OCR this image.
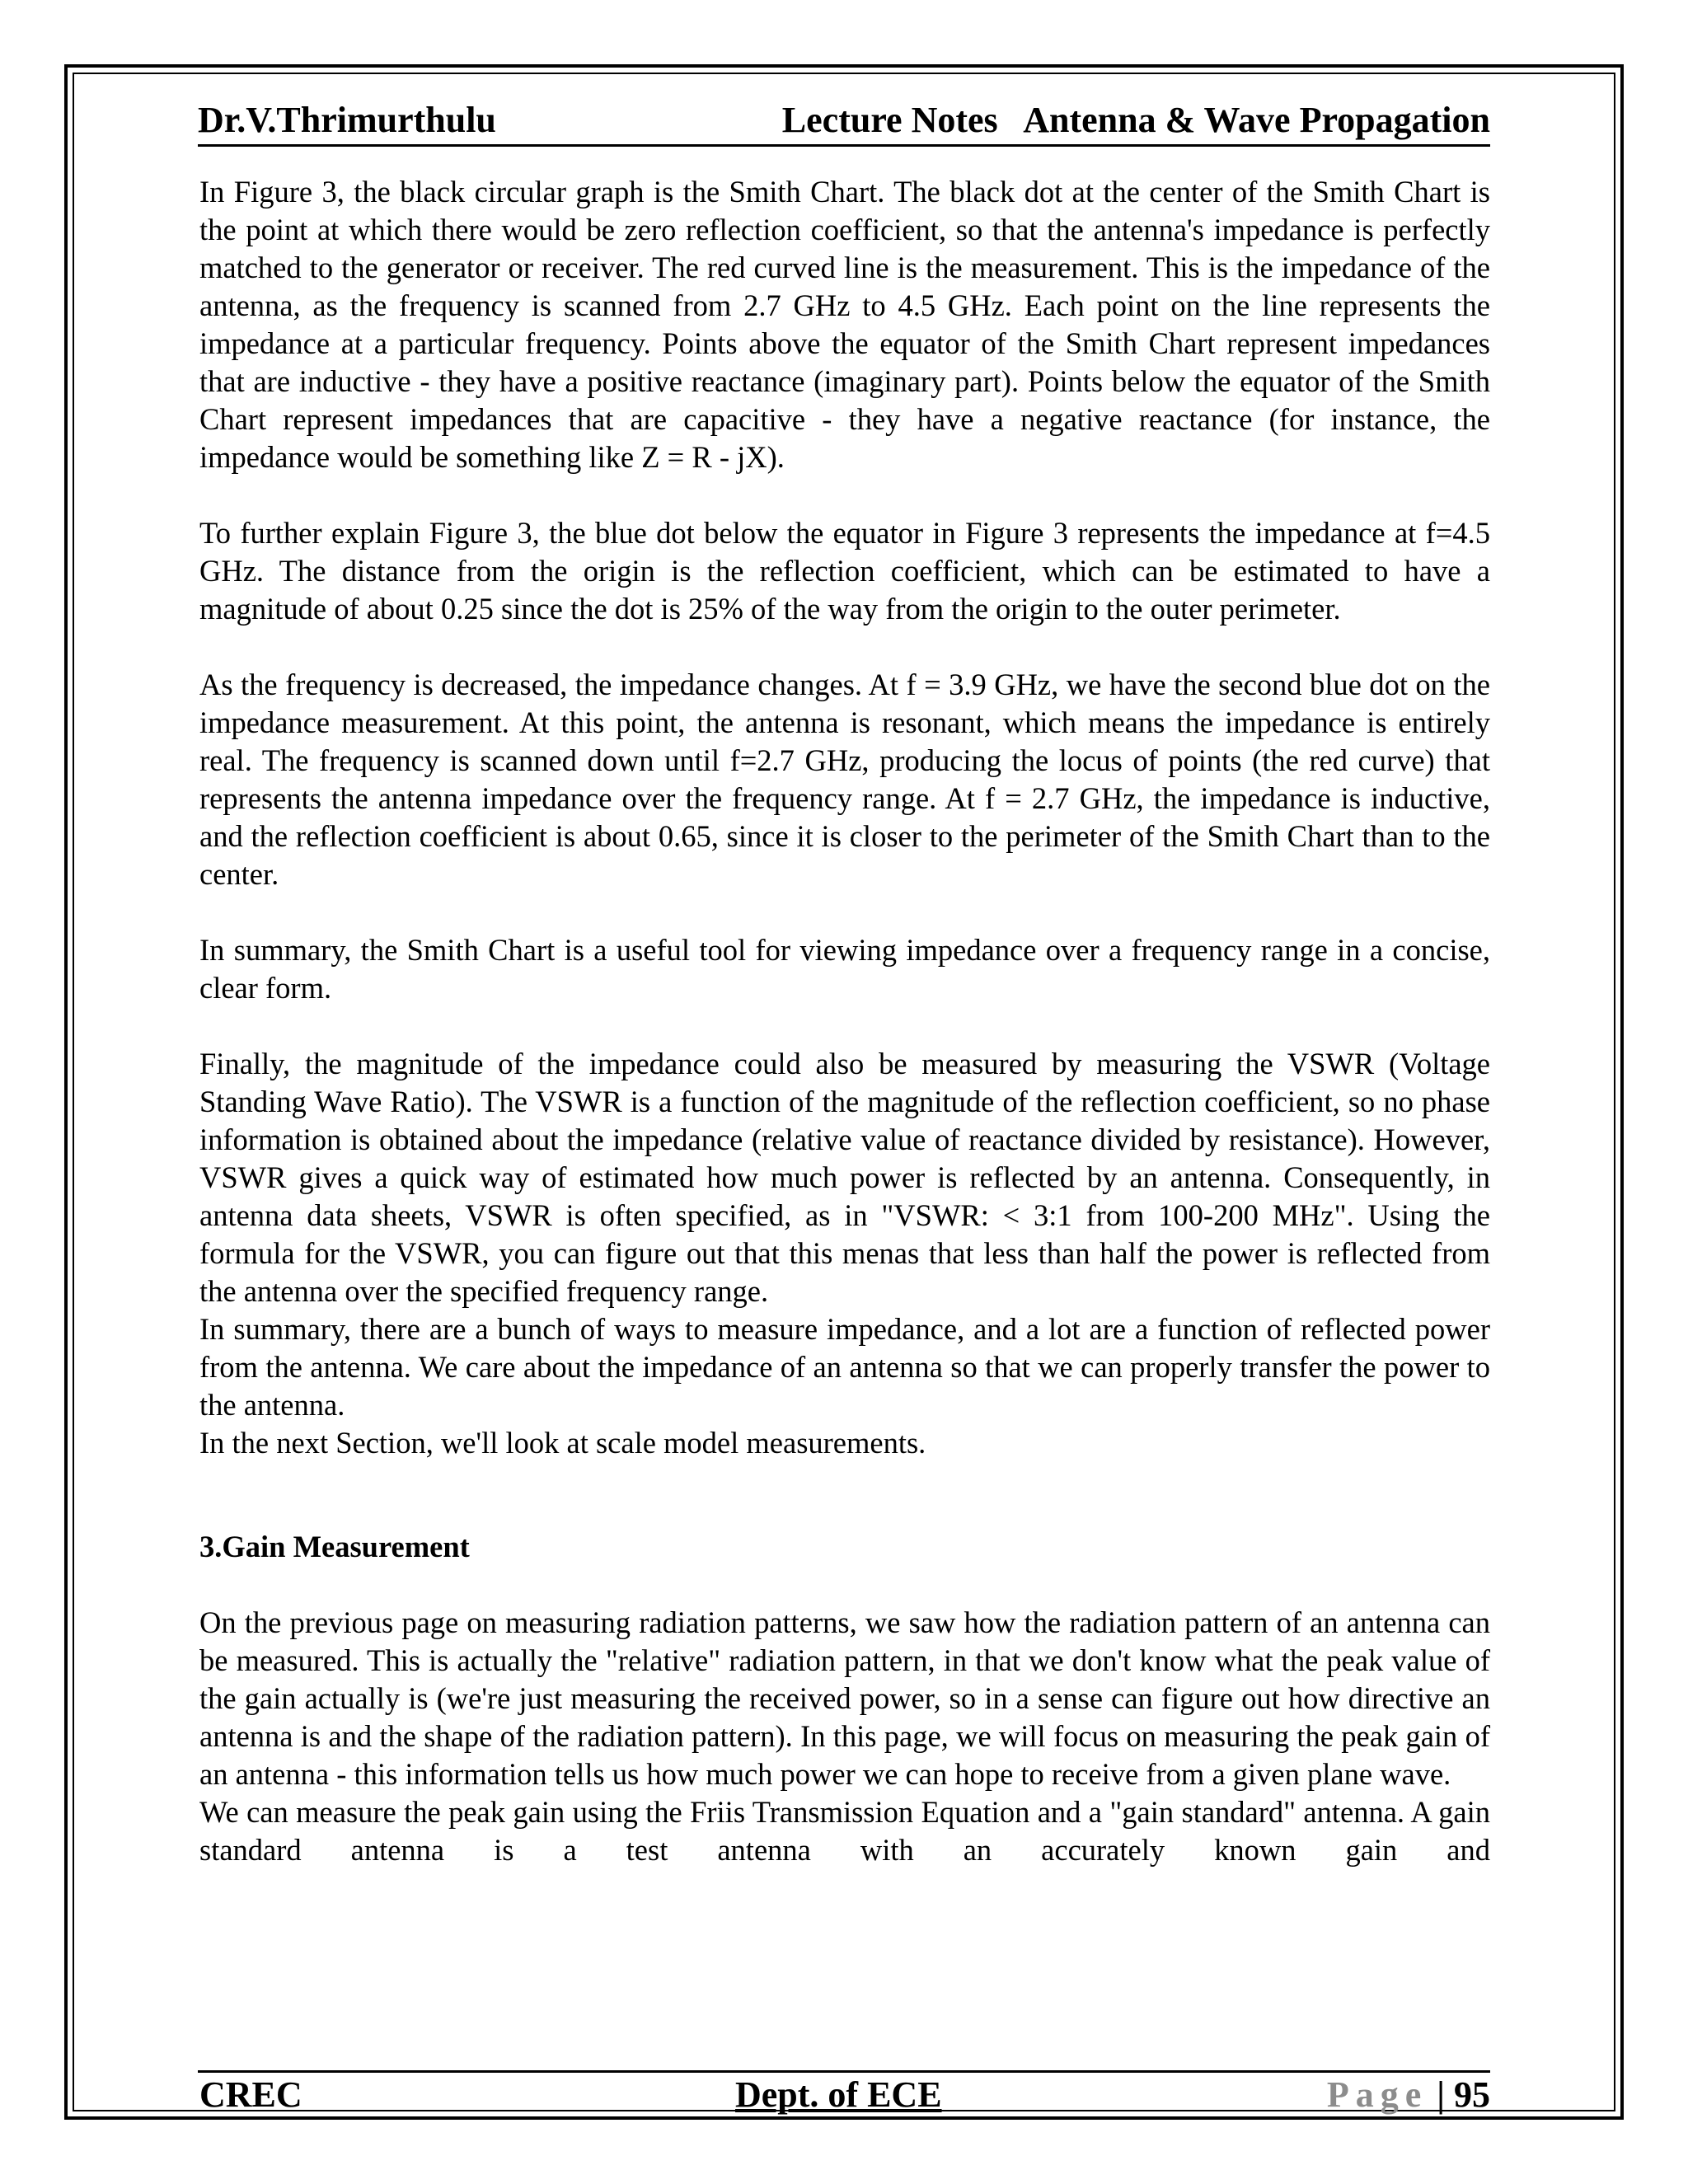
Dr.V.Thrimurthulu	Lecture Notes   Antenna & Wave Propagation

In Figure 3, the black circular graph is the Smith Chart. The black dot at the center of the Smith Chart is the point at which there would be zero reflection coefficient, so that the antenna's impedance is perfectly matched to the generator or receiver. The red curved line is the measurement. This is the impedance of the antenna, as the frequency is scanned from 2.7 GHz to 4.5 GHz. Each point on the line represents the impedance at a particular frequency. Points above the equator of the Smith Chart represent impedances that are inductive - they have a positive reactance (imaginary part). Points below the equator of the Smith Chart represent impedances that are capacitive - they have a negative reactance (for instance, the impedance would be something like Z = R - jX).

To further explain Figure 3, the blue dot below the equator in Figure 3 represents the impedance at f=4.5 GHz. The distance from the origin is the reflection coefficient, which can be estimated to have a magnitude of about 0.25 since the dot is 25% of the way from the origin to the outer perimeter.

As the frequency is decreased, the impedance changes. At f = 3.9 GHz, we have the second blue dot on the impedance measurement. At this point, the antenna is resonant, which means the impedance is entirely real. The frequency is scanned down until f=2.7 GHz, producing the locus of points (the red curve) that represents the antenna impedance over the frequency range. At f = 2.7 GHz, the impedance is inductive, and the reflection coefficient is about 0.65, since it is closer to the perimeter of the Smith Chart than to the center.

In summary, the Smith Chart is a useful tool for viewing impedance over a frequency range in a concise, clear form.

Finally, the magnitude of the impedance could also be measured by measuring the VSWR (Voltage Standing Wave Ratio). The VSWR is a function of the magnitude of the reflection coefficient, so no phase information is obtained about the impedance (relative value of reactance divided by resistance). However, VSWR gives a quick way of estimated how much power is reflected by an antenna. Consequently, in antenna data sheets, VSWR is often specified, as in "VSWR: < 3:1 from 100-200 MHz". Using the formula for the VSWR, you can figure out that this menas that less than half the power is reflected from the antenna over the specified frequency range.

In summary, there are a bunch of ways to measure impedance, and a lot are a function of reflected power from the antenna. We care about the impedance of an antenna so that we can properly transfer the power to the antenna.

In the next Section, we'll look at scale model measurements.

3.Gain Measurement

On the previous page on measuring radiation patterns, we saw how the radiation pattern of an antenna can be measured. This is actually the "relative" radiation pattern, in that we don't know what the peak value of the gain actually is (we're just measuring the received power, so in a sense can figure out how directive an antenna is and the shape of the radiation pattern). In this page, we will focus on measuring the peak gain of an antenna - this information tells us how much power we can hope to receive from a given plane wave.

We can measure the peak gain using the Friis Transmission Equation and a "gain standard" antenna. A gain standard antenna is a test antenna with an accurately known gain and

CREC	Dept. of ECE	Page | 95
